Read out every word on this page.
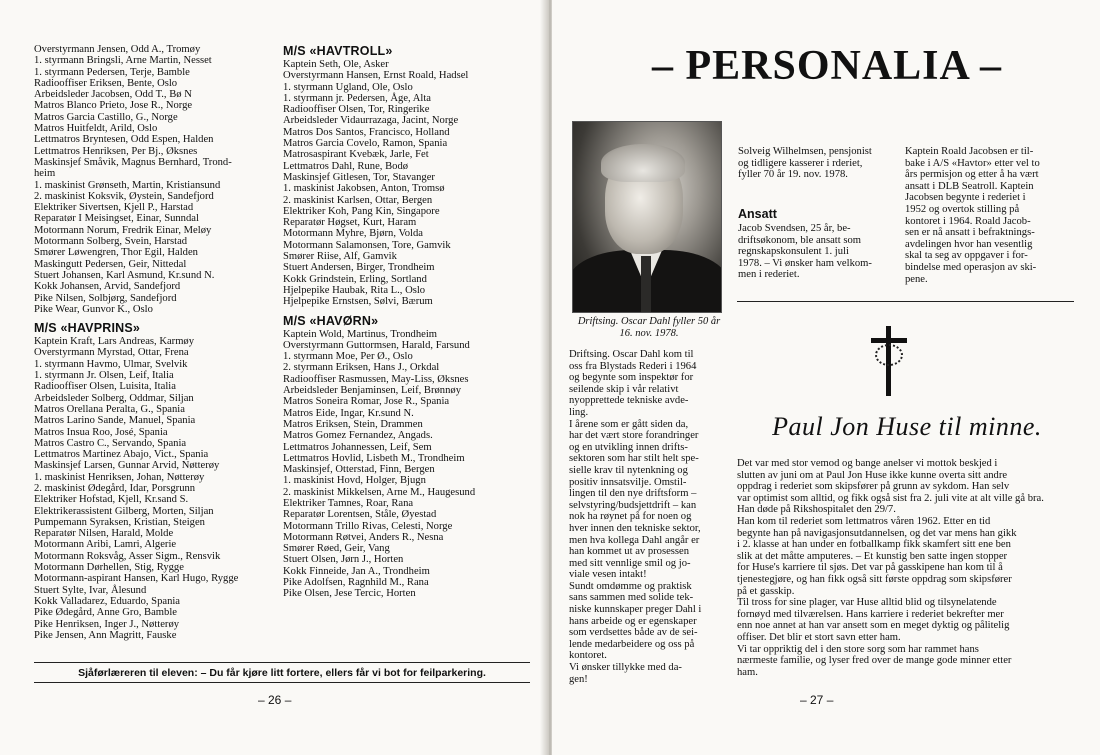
Overstyrmann Jensen, Odd A., Tromøy
1. styrmann Bringsli, Arne Martin, Nesset
1. styrmann Pedersen, Terje, Bamble
Radiooffiser Eriksen, Bente, Oslo
Arbeidsleder Jacobsen, Odd T., Bø N
Matros Blanco Prieto, Jose R., Norge
Matros Garcia Castillo, G., Norge
Matros Huitfeldt, Arild, Oslo
Lettmatros Bryntesen, Odd Espen, Halden
Lettmatros Henriksen, Per Bj., Øksnes
Maskinsjef Småvik, Magnus Bernhard, Trond-
heim
1. maskinist Grønseth, Martin, Kristiansund
2. maskinist Koksvik, Øystein, Sandefjord
Elektriker Sivertsen, Kjell P., Harstad
Reparatør I Meisingset, Einar, Sunndal
Motormann Norum, Fredrik Einar, Meløy
Motormann Solberg, Svein, Harstad
Smører Løwengren, Thor Egil, Halden
Maskingutt Pedersen, Geir, Nittedal
Stuert Johansen, Karl Asmund, Kr.sund N.
Kokk Johansen, Arvid, Sandefjord
Pike Nilsen, Solbjørg, Sandefjord
Pike Wear, Gunvor K., Oslo
M/S «HAVPRINS»
Kaptein Kraft, Lars Andreas, Karmøy
Overstyrmann Myrstad, Ottar, Frena
1. styrmann Havmo, Ulmar, Svelvik
1. styrmann Jr. Olsen, Leif, Italia
Radiooffiser Olsen, Luisita, Italia
Arbeidsleder Solberg, Oddmar, Siljan
Matros Orellana Peralta, G., Spania
Matros Larino Sande, Manuel, Spania
Matros Insua Roo, José, Spania
Matros Castro C., Servando, Spania
Lettmatros Martinez Abajo, Vict., Spania
Maskinsjef Larsen, Gunnar Arvid, Nøtterøy
1. maskinist Henriksen, Johan, Nøtterøy
2. maskinist Ødegård, Idar, Porsgrunn
Elektriker Hofstad, Kjell, Kr.sand S.
Elektrikerassistent Gilberg, Morten, Siljan
Pumpemann Syraksen, Kristian, Steigen
Reparatør Nilsen, Harald, Molde
Motormann Aribi, Lamri, Algerie
Motormann Roksvåg, Asser Sigm., Rensvik
Motormann Dørhellen, Stig, Rygge
Motormann-aspirant Hansen, Karl Hugo, Rygge
Stuert Sylte, Ivar, Ålesund
Kokk Valladarez, Eduardo, Spania
Pike Ødegård, Anne Gro, Bamble
Pike Henriksen, Inger J., Nøtterøy
Pike Jensen, Ann Magritt, Fauske
M/S «HAVTROLL»
Kaptein Seth, Ole, Asker
Overstyrmann Hansen, Ernst Roald, Hadsel
1. styrmann Ugland, Ole, Oslo
1. styrmann jr. Pedersen, Åge, Alta
Radiooffiser Olsen, Tor, Ringerike
Arbeidsleder Vidaurrazaga, Jacint, Norge
Matros Dos Santos, Francisco, Holland
Matros Garcia Covelo, Ramon, Spania
Matrosaspirant Kvebæk, Jarle, Fet
Lettmatros Dahl, Rune, Bodø
Maskinsjef Gitlesen, Tor, Stavanger
1. maskinist Jakobsen, Anton, Tromsø
2. maskinist Karlsen, Ottar, Bergen
Elektriker Koh, Pang Kin, Singapore
Reparatør Høgset, Kurt, Haram
Motormann Myhre, Bjørn, Volda
Motormann Salamonsen, Tore, Gamvik
Smører Riise, Alf, Gamvik
Stuert Andersen, Birger, Trondheim
Kokk Grindstein, Erling, Sortland
Hjelpepike Haubak, Rita L., Oslo
Hjelpepike Ernstsen, Sølvi, Bærum
M/S «HAVØRN»
Kaptein Wold, Martinus, Trondheim
Overstyrmann Guttormsen, Harald, Farsund
1. styrmann Moe, Per Ø., Oslo
2. styrmann Eriksen, Hans J., Orkdal
Radiooffiser Rasmussen, May-Liss, Øksnes
Arbeidsleder Benjaminsen, Leif, Brønnøy
Matros Soneira Romar, Jose R., Spania
Matros Eide, Ingar, Kr.sund N.
Matros Eriksen, Stein, Drammen
Matros Gomez Fernandez, Angads.
Lettmatros Johannessen, Leif, Sem
Lettmatros Hovlid, Lisbeth M., Trondheim
Maskinsjef, Otterstad, Finn, Bergen
1. maskinist Hovd, Holger, Bjugn
2. maskinist Mikkelsen, Arne M., Haugesund
Elektriker Tamnes, Roar, Rana
Reparatør Lorentsen, Ståle, Øyestad
Motormann Trillo Rivas, Celesti, Norge
Motormann Røtvei, Anders R., Nesna
Smører Røed, Geir, Vang
Stuert Olsen, Jørn J., Horten
Kokk Finneide, Jan A., Trondheim
Pike Adolfsen, Ragnhild M., Rana
Pike Olsen, Jese Tercic, Horten
Sjåførlæreren til eleven: – Du får kjøre litt fortere, ellers får vi bot for feilparkering.
– 26 –
– PERSONALIA –
Driftsing. Oscar Dahl fyller 50 år 16. nov. 1978.
Driftsing. Oscar Dahl kom til
oss fra Blystads Rederi i 1964
og begynte som inspektør for
seilende skip i vår relativt
nyopprettede tekniske avde-
ling.
I årene som er gått siden da,
har det vært store forandringer
og en utvikling innen drifts-
sektoren som har stilt helt spe-
sielle krav til nytenkning og
positiv innsatsvilje. Omstil-
lingen til den nye driftsform –
selvstyring/budsjettdrift – kan
nok ha røynet på for noen og
hver innen den tekniske sektor,
men hva kollega Dahl angår er
han kommet ut av prosessen
med sitt vennlige smil og jo-
viale vesen intakt!
Sundt omdømme og praktisk
sans sammen med solide tek-
niske kunnskaper preger Dahl i
hans arbeide og er egenskaper
som verdsettes både av de sei-
lende medarbeidere og oss på
kontoret.
Vi ønsker tillykke med da-
gen!
Solveig Wilhelmsen, pensjonist
og tidligere kasserer i rderiet,
fyller 70 år 19. nov. 1978.
Ansatt
Jacob Svendsen, 25 år, be-
driftsøkonom, ble ansatt som
regnskapskonsulent 1. juli
1978. – Vi ønsker ham velkom-
men i rederiet.
Kaptein Roald Jacobsen er til-
bake i A/S «Havtor» etter vel to
års permisjon og etter å ha vært
ansatt i DLB Seatroll. Kaptein
Jacobsen begynte i rederiet i
1952 og overtok stilling på
kontoret i 1964. Roald Jacob-
sen er nå ansatt i befraktnings-
avdelingen hvor han vesentlig
skal ta seg av oppgaver i for-
bindelse med operasjon av ski-
pene.
Paul Jon Huse til minne.
Det var med stor vemod og bange anelser vi mottok beskjed i
slutten av juni om at Paul Jon Huse ikke kunne overta sitt andre
oppdrag i rederiet som skipsfører på grunn av sykdom. Han selv
var optimist som alltid, og fikk også sist fra 2. juli vite at alt ville gå bra.
Han døde på Rikshospitalet den 29/7.
Han kom til rederiet som lettmatros våren 1962. Etter en tid
begynte han på navigasjonsutdannelsen, og det var mens han gikk
i 2. klasse at han under en fotballkamp fikk skamfert sitt ene ben
slik at det måtte amputeres. – Et kunstig ben satte ingen stopper
for Huse's karriere til sjøs. Det var på gasskipene han kom til å
tjenestegjøre, og han fikk også sitt første oppdrag som skipsfører
på et gasskip.
Til tross for sine plager, var Huse alltid blid og tilsynelatende
fornøyd med tilværelsen. Hans karriere i rederiet bekrefter mer
enn noe annet at han var ansett som en meget dyktig og pålitelig
offiser. Det blir et stort savn etter ham.
Vi tar oppriktig del i den store sorg som har rammet hans
nærmeste familie, og lyser fred over de mange gode minner etter
ham.
– 27 –
